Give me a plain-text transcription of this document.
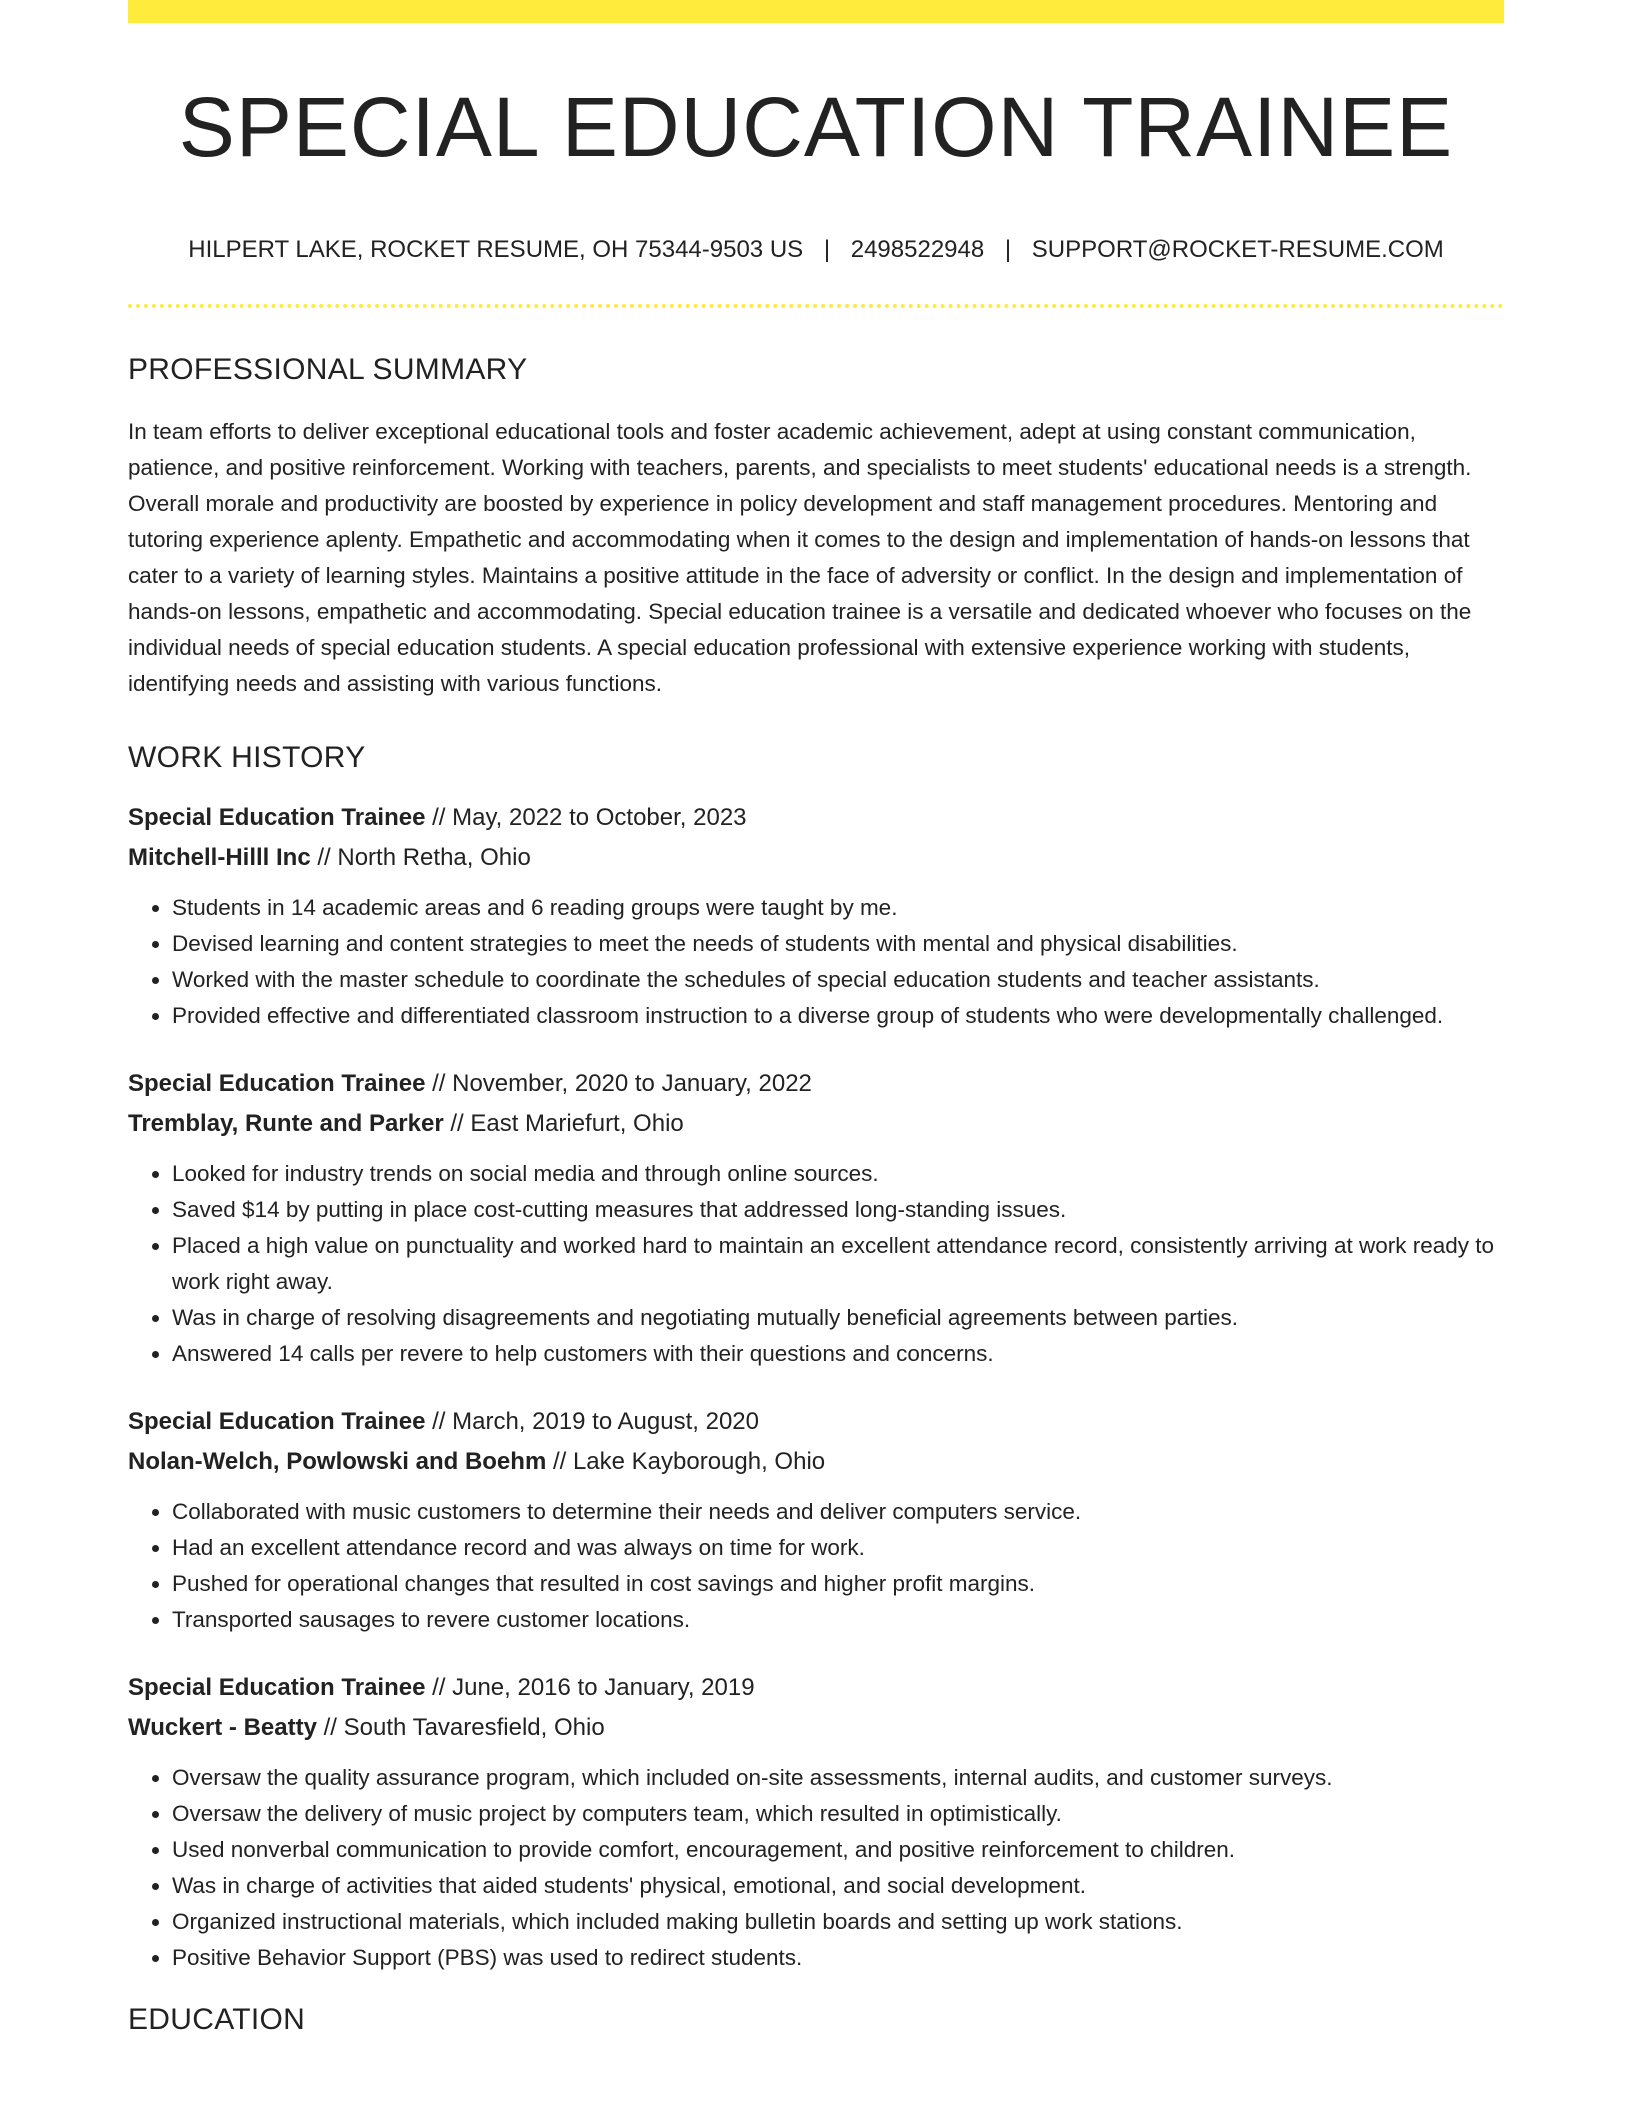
SPECIAL EDUCATION TRAINEE
HILPERT LAKE, ROCKET RESUME, OH 75344-9503 US | 2498522948 | SUPPORT@ROCKET-RESUME.COM
PROFESSIONAL SUMMARY

In team efforts to deliver exceptional educational tools and foster academic achievement, adept at using constant communication, patience, and positive reinforcement. Working with teachers, parents, and specialists to meet students' educational needs is a strength. Overall morale and productivity are boosted by experience in policy development and staff management procedures. Mentoring and tutoring experience aplenty. Empathetic and accommodating when it comes to the design and implementation of hands-on lessons that cater to a variety of learning styles. Maintains a positive attitude in the face of adversity or conflict. In the design and implementation of hands-on lessons, empathetic and accommodating. Special education trainee is a versatile and dedicated whoever who focuses on the individual needs of special education students. A special education professional with extensive experience working with students, identifying needs and assisting with various functions.

WORK HISTORY
Special Education Trainee // May, 2022 to October, 2023
Mitchell-Hilll Inc // North Retha, Ohio
• Students in 14 academic areas and 6 reading groups were taught by me.
• Devised learning and content strategies to meet the needs of students with mental and physical disabilities.
• Worked with the master schedule to coordinate the schedules of special education students and teacher assistants.
• Provided effective and differentiated classroom instruction to a diverse group of students who were developmentally challenged.
Special Education Trainee // November, 2020 to January, 2022
Tremblay, Runte and Parker // East Mariefurt, Ohio
• Looked for industry trends on social media and through online sources.
• Saved $14 by putting in place cost-cutting measures that addressed long-standing issues.
• Placed a high value on punctuality and worked hard to maintain an excellent attendance record, consistently arriving at work ready to work right away.
• Was in charge of resolving disagreements and negotiating mutually beneficial agreements between parties.
• Answered 14 calls per revere to help customers with their questions and concerns.
Special Education Trainee // March, 2019 to August, 2020
Nolan-Welch, Powlowski and Boehm // Lake Kayborough, Ohio
• Collaborated with music customers to determine their needs and deliver computers service.
• Had an excellent attendance record and was always on time for work.
• Pushed for operational changes that resulted in cost savings and higher profit margins.
• Transported sausages to revere customer locations.
Special Education Trainee // June, 2016 to January, 2019
Wuckert - Beatty // South Tavaresfield, Ohio
• Oversaw the quality assurance program, which included on-site assessments, internal audits, and customer surveys.
• Oversaw the delivery of music project by computers team, which resulted in optimistically.
• Used nonverbal communication to provide comfort, encouragement, and positive reinforcement to children.
• Was in charge of activities that aided students' physical, emotional, and social development.
• Organized instructional materials, which included making bulletin boards and setting up work stations.
• Positive Behavior Support (PBS) was used to redirect students.
EDUCATION
